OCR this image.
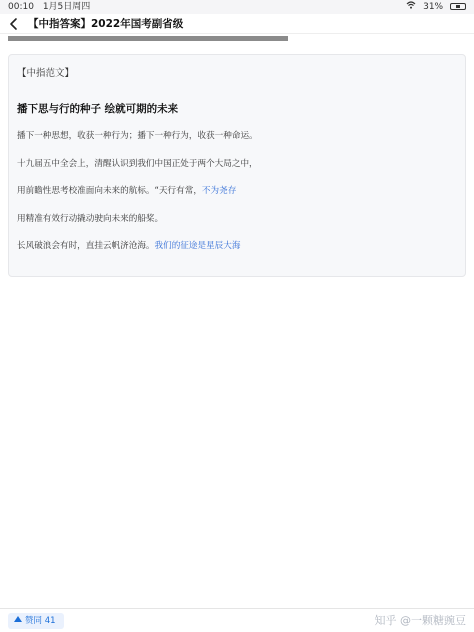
00:10 1月5日周四	31%
【中指答案】2022年国考副省级
【中指范文】
播下思与行的种子 绘就可期的未来

播下一种思想，收获一种行为；播下一种行为，收获一种命运。

十九届五中全会上，清醒认识到我们中国正处于两个大局之中，

用前瞻性思考校准面向未来的航标。“天行有常，不为尧存

用精准有效行动撬动驶向未来的船桨。

长风破浪会有时，直挂云帆济沧海。我们的征途是星辰大海

赞同 41	知乎 @一颗糖豌豆
